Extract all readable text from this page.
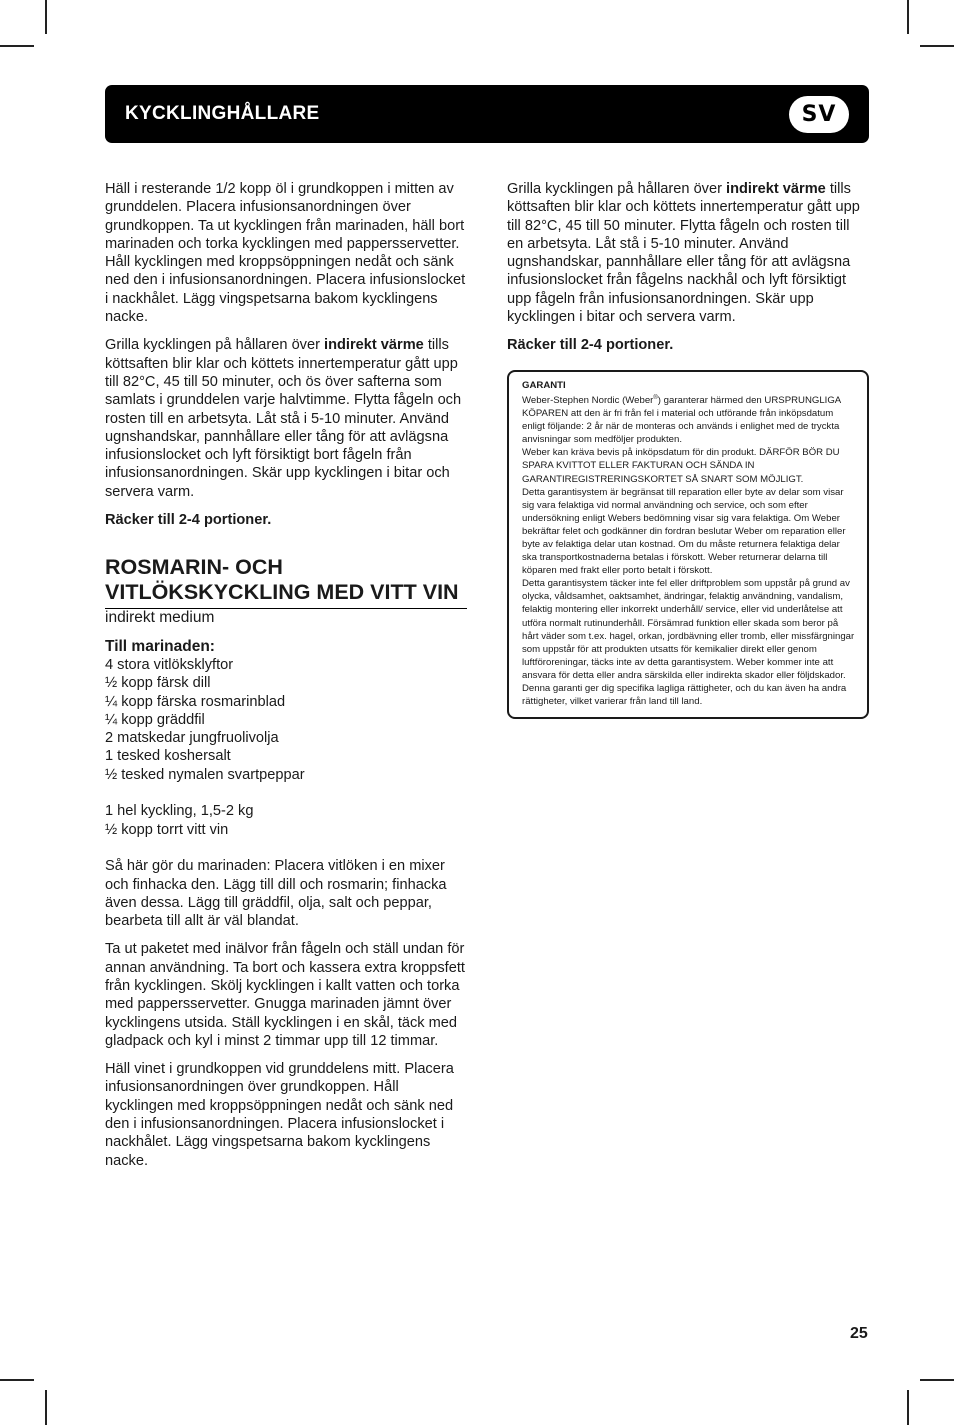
KYCKLINGHÅLLARE	SV

Häll i resterande 1/2 kopp öl i grundkoppen i mitten av grunddelen. Placera infusionsanordningen över grundkoppen. Ta ut kycklingen från marinaden, häll bort marinaden och torka kycklingen med pappersservetter. Håll kycklingen med kroppsöppningen nedåt och sänk ned den i infusionsanordningen. Placera infusionslocket i nackhålet. Lägg vingspetsarna bakom kycklingens nacke.

Grilla kycklingen på hållaren över indirekt värme tills köttsaften blir klar och köttets innertemperatur gått upp till 82°C, 45 till 50 minuter, och ös över safterna som samlats i grunddelen varje halvtimme. Flytta fågeln och rosten till en arbetsyta. Låt stå i 5-10 minuter. Använd ugnshandskar, pannhållare eller tång för att avlägsna infusionslocket och lyft försiktigt bort fågeln från infusionsanordningen. Skär upp kycklingen i bitar och servera varm.

Räcker till 2-4 portioner.

ROSMARIN- OCH
VITLÖKSKYCKLING MED VITT VIN

indirekt medium

Till marinaden:

4 stora vitlöksklyftor
½ kopp färsk dill
¼ kopp färska rosmarinblad
¼ kopp gräddfil
2 matskedar jungfruolivolja
1 tesked koshersalt
½ tesked nymalen svartpeppar
1 hel kyckling, 1,5-2 kg
½ kopp torrt vitt vin

Så här gör du marinaden: Placera vitlöken i en mixer och finhacka den. Lägg till dill och rosmarin; finhacka även dessa. Lägg till gräddfil, olja, salt och peppar, bearbeta till allt är väl blandat.

Ta ut paketet med inälvor från fågeln och ställ undan för annan användning. Ta bort och kassera extra kroppsfett från kycklingen. Skölj kycklingen i kallt vatten och torka med pappersservetter. Gnugga marinaden jämnt över kycklingens utsida. Ställ kycklingen i en skål, täck med gladpack och kyl i minst 2 timmar upp till 12 timmar.

Häll vinet i grundkoppen vid grunddelens mitt. Placera infusionsanordningen över grundkoppen. Håll kycklingen med kroppsöppningen nedåt och sänk ned den i infusionsanordningen. Placera infusionslocket i nackhålet. Lägg vingspetsarna bakom kycklingens nacke.

Grilla kycklingen på hållaren över indirekt värme tills köttsaften blir klar och köttets innertemperatur gått upp till 82°C, 45 till 50 minuter. Flytta fågeln och rosten till en arbetsyta. Låt stå i 5-10 minuter. Använd ugnshandskar, pannhållare eller tång för att avlägsna infusionslocket från fågelns nackhål och lyft försiktigt upp fågeln från infusionsanordningen. Skär upp kycklingen i bitar och servera varm.

Räcker till 2-4 portioner.

GARANTI

Weber-Stephen Nordic (Weber®) garanterar härmed den URSPRUNGLIGA KÖPAREN att den är fri från fel i material och utförande från inköpsdatum enligt följande: 2 år när de monteras och används i enlighet med de tryckta anvisningar som medföljer produkten.

Weber kan kräva bevis på inköpsdatum för din produkt. DÄRFÖR BÖR DU SPARA KVITTOT ELLER FAKTURAN OCH SÄNDA IN GARANTIREGISTRERINGSKORTET SÅ SNART SOM MÖJLIGT.

Detta garantisystem är begränsat till reparation eller byte av delar som visar sig vara felaktiga vid normal användning och service, och som efter undersökning enligt Webers bedömning visar sig vara felaktiga. Om Weber bekräftar felet och godkänner din fordran beslutar Weber om reparation eller byte av felaktiga delar utan kostnad. Om du måste returnera felaktiga delar ska transportkostnaderna betalas i förskott. Weber returnerar delarna till köparen med frakt eller porto betalt i förskott.

Detta garantisystem täcker inte fel eller driftproblem som uppstår på grund av olycka, våldsamhet, oaktsamhet, ändringar, felaktig användning, vandalism, felaktig montering eller inkorrekt underhåll/ service, eller vid underlåtelse att utföra normalt rutinunderhåll. Försämrad funktion eller skada som beror på hårt väder som t.ex. hagel, orkan, jordbävning eller tromb, eller missfärgningar som uppstår för att produkten utsatts för kemikalier direkt eller genom luftföroreningar, täcks inte av detta garantisystem. Weber kommer inte att ansvara för detta eller andra särskilda eller indirekta skador eller följdskador. Denna garanti ger dig specifika lagliga rättigheter, och du kan även ha andra rättigheter, vilket varierar från land till land.

25
